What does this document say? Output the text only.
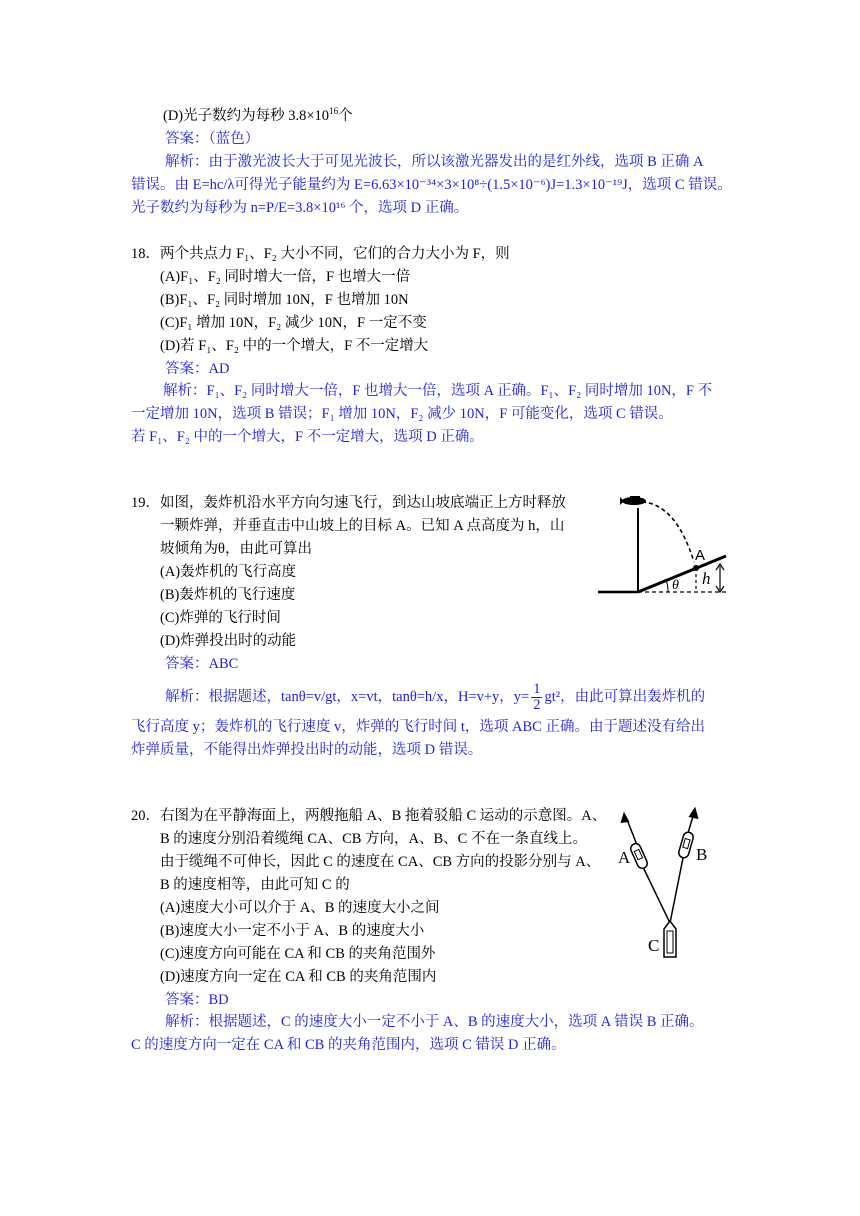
(D)光子数约为每秒 $3.8\times 10^{16}$个
答案：（蓝色）
解析：由于激光波长大于可见光波长，所以该激光器发出的是红外线，选项 B 正确 A
错误。由 E=hc/λ可得光子能量约为 E=6.63×10⁻³⁴×3×10⁸÷(1.5×10⁻⁶)J=1.3×10⁻¹⁹J，选项 C 错误。
光子数约为每秒为 n=P/E=3.8×10¹⁶ 个，选项 D 正确。
18．两个共点力 F₁、F₂ 大小不同，它们的合力大小为 F，则
(A)F₁、F₂ 同时增大一倍，F 也增大一倍
(B)F₁、F₂ 同时增加 10N，F 也增加 10N
(C)F₁ 增加 10N，F₂ 减少 10N，F 一定不变
(D)若 F₁、F₂ 中的一个增大，F 不一定增大
答案：AD
解析：F₁、F₂ 同时增大一倍，F 也增大一倍，选项 A 正确。F₁、F₂ 同时增加 10N，F 不
一定增加 10N，选项 B 错误；F₁ 增加 10N，F₂ 减少 10N，F 可能变化，选项 C 错误。
若 F₁、F₂ 中的一个增大，F 不一定增大，选项 D 正确。
19．如图，轰炸机沿水平方向匀速飞行，到达山坡底端正上方时释放
一颗炸弹，并垂直击中山坡上的目标 A。已知 A 点高度为 h，山
坡倾角为θ，由此可算出
(A)轰炸机的飞行高度
(B)轰炸机的飞行速度
(C)炸弹的飞行时间
(D)炸弹投出时的动能
答案：ABC
解析：根据题述，tanθ=v/gt，x=vt，tanθ=h/x，H=v+y，$y= \frac{1}{2} gt^2$，由此可算出轰炸机的
飞行高度 y；轰炸机的飞行速度 v，炸弹的飞行时间 t，选项 ABC 正确。由于题述没有给出
炸弹质量，不能得出炸弹投出时的动能，选项 D 错误。
A
h
θ
20．右图为在平静海面上，两艘拖船 A、B 拖着驳船 C 运动的示意图。A、
B 的速度分别沿着缆绳 CA、CB 方向，A、B、C 不在一条直线上。
由于缆绳不可伸长，因此 C 的速度在 CA、CB 方向的投影分别与 A、
B 的速度相等，由此可知 C 的
(A)速度大小可以介于 A、B 的速度大小之间
(B)速度大小一定不小于 A、B 的速度大小
(C)速度方向可能在 CA 和 CB 的夹角范围外
(D)速度方向一定在 CA 和 CB 的夹角范围内
答案：BD
解析：根据题述，C 的速度大小一定不小于 A、B 的速度大小，选项 A 错误 B 正确。
C 的速度方向一定在 CA 和 CB 的夹角范围内，选项 C 错误 D 正确。
A	B
C
